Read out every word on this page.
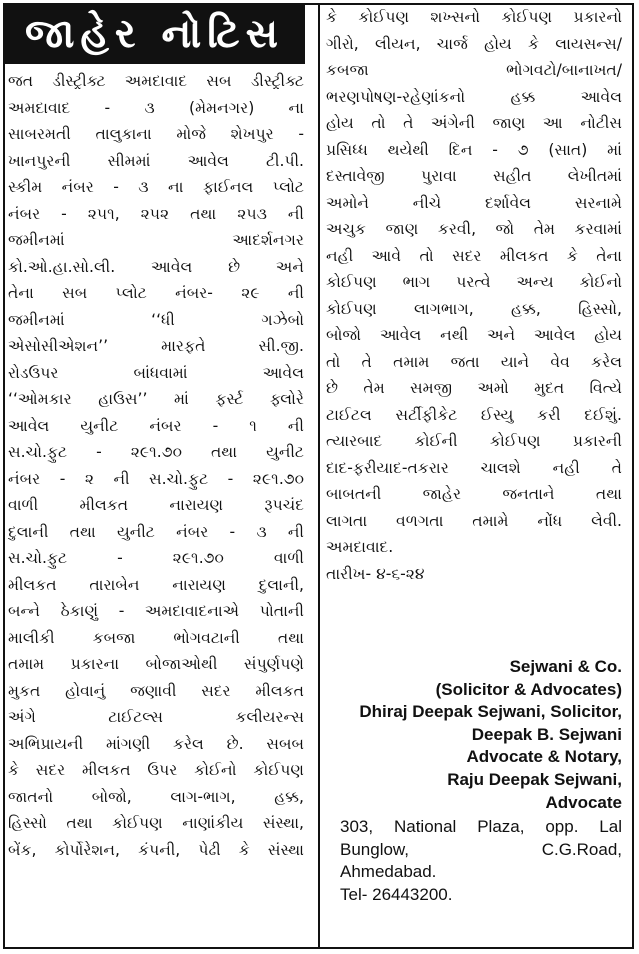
જાહેર નોટિસ
જત ડીસ્ટ્રીક્ટ અમદાવાદ સબ ડીસ્ટ્રીક્ટ
અમદાવાદ - ૩ (મેમનગર) ના
સાબરમતી તાલુકાના મોજે શેખપુર -
ખાનપુરની સીમમાં આવેલ ટી.પી.
સ્કીમ નંબર - ૩ ના ફાઈનલ પ્લોટ
નંબર - ૨૫૧, ૨૫૨ તથા ૨૫૩ ની
જમીનમાં આદર્શનગર
કો.ઓ.હા.સો.લી. આવેલ છે અને
તેના સબ પ્લોટ નંબર- ૨૯ ની
જમીનમાં ‘‘ધી ગઝેબો
એસોસીએશન’’ મારફતે સી.જી.
રોડઉપર બાંધવામાં આવેલ
‘‘ઓમકાર હાઉસ’’ માં ફર્સ્ટ ફ્લોરે
આવેલ યુનીટ નંબર - ૧ ની
સ.ચો.ફુટ - ૨૯૧.૭૦ તથા યુનીટ
નંબર - ૨ ની સ.ચો.ફુટ - ૨૯૧.૭૦
વાળી મીલકત નારાયણ રૂપચંદ
દુલાની તથા યુનીટ નંબર - ૩ ની
સ.ચો.ફુટ - ૨૯૧.૭૦ વાળી
મીલકત તારાબેન નારાયણ દુલાની,
બન્ને ઠેકાણું - અમદાવાદનાએ પોતાની
માલીકી કબજા ભોગવટાની તથા
તમામ પ્રકારના બોજાઓથી સંપુર્ણપણે
મુકત હોવાનું જણાવી સદર મીલકત
અંગે ટાઈટલ્સ કલીયરન્સ
અભિપ્રાયની માંગણી કરેલ છે. સબબ
કે સદર મીલકત ઉપર કોઈનો કોઈપણ
જાતનો બોજો, લાગ-ભાગ, હક્ક,
હિસ્સો તથા કોઈપણ નાણાંકીય સંસ્થા,
બેંક, કોર્પોરેશન, કંપની, પેઢી કે સંસ્થા
કે કોઈપણ શખ્સનો કોઈપણ પ્રકારનો
ગીરો, લીયન, ચાર્જ હોય કે લાયસન્સ/
કબજા ભોગવટો/બાનાખત/
ભરણપોષણ-રહેણાંકનો હક્ક આવેલ
હોય તો તે અંગેની જાણ આ નોટીસ
પ્રસિધ્ધ થયેથી દિન - ૭ (સાત) માં
દસ્તાવેજી પુરાવા સહીત લેખીતમાં
અમોને નીચે દર્શાવેલ સરનામે
અચુક જાણ કરવી, જો તેમ કરવામાં
નહી આવે તો સદર મીલકત કે તેના
કોઈપણ ભાગ પરત્વે અન્ય કોઈનો
કોઈપણ લાગભાગ, હક્ક, હિસ્સો,
બોજો આવેલ નથી અને આવેલ હોય
તો તે તમામ જતા યાને વેવ કરેલ
છે તેમ સમજી અમો મુદત વિત્યે
ટાઈટલ સર્ટીફીકેટ ઈસ્યુ કરી દઈશું.
ત્યારબાદ કોઈની કોઈપણ પ્રકારની
દાદ-ફરીયાદ-તકરાર ચાલશે નહી તે
બાબતની જાહેર જનતાને તથા
લાગતા વળગતા તમામે નોંધ લેવી.
અમદાવાદ.
તારીખ- ૪-૬-૨૪
Sejwani & Co.
(Solicitor & Advocates)
Dhiraj Deepak Sejwani, Solicitor,
Deepak B. Sejwani
Advocate & Notary,
Raju Deepak Sejwani,
Advocate
303, National Plaza, opp. Lal
Bunglow, C.G.Road,
Ahmedabad.
Tel- 26443200.
